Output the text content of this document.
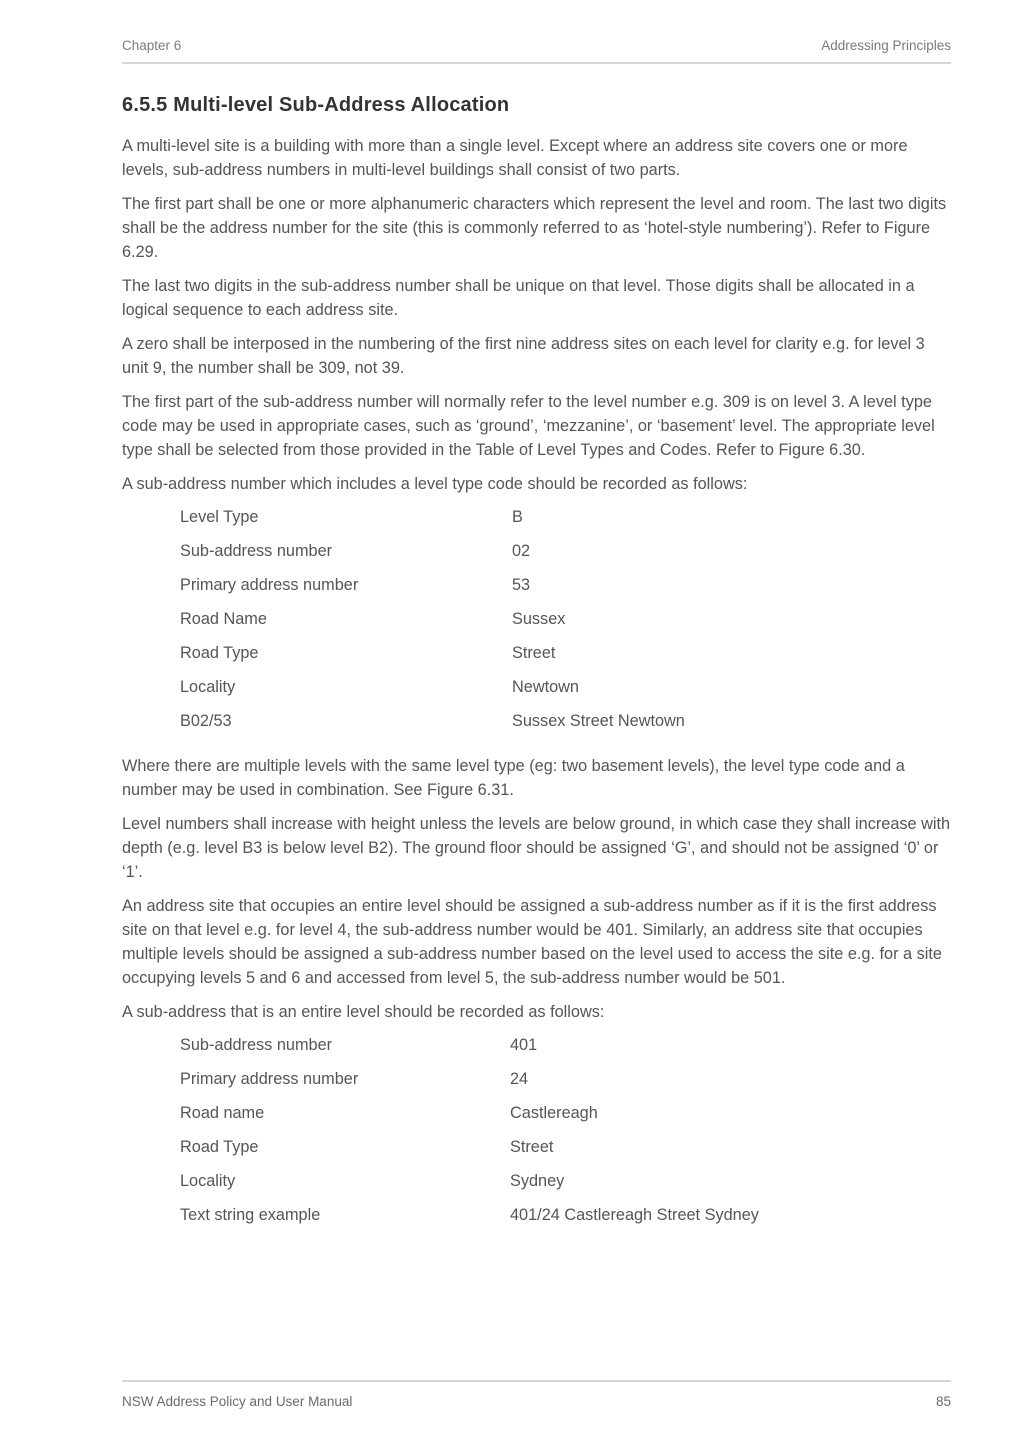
Chapter 6	Addressing Principles
6.5.5 Multi-level Sub-Address Allocation

A multi-level site is a building with more than a single level. Except where an address site covers one or more levels, sub-address numbers in multi-level buildings shall consist of two parts.

The first part shall be one or more alphanumeric characters which represent the level and room. The last two digits shall be the address number for the site (this is commonly referred to as ‘hotel-style numbering’). Refer to Figure 6.29.

The last two digits in the sub-address number shall be unique on that level. Those digits shall be allocated in a logical sequence to each address site.

A zero shall be interposed in the numbering of the first nine address sites on each level for clarity e.g. for level 3 unit 9, the number shall be 309, not 39.

The first part of the sub-address number will normally refer to the level number e.g. 309 is on level 3. A level type code may be used in appropriate cases, such as ‘ground’, ‘mezzanine’, or ‘basement’ level. The appropriate level type shall be selected from those provided in the Table of Level Types and Codes. Refer to Figure 6.30.

A sub-address number which includes a level type code should be recorded as follows:

Level Type	B
Sub-address number	02
Primary address number	53
Road Name	Sussex
Road Type	Street
Locality	Newtown
B02/53	Sussex Street Newtown

Where there are multiple levels with the same level type (eg: two basement levels), the level type code and a number may be used in combination. See Figure 6.31.

Level numbers shall increase with height unless the levels are below ground, in which case they shall increase with depth (e.g. level B3 is below level B2). The ground floor should be assigned ‘G’, and should not be assigned ‘0’ or ‘1’.

An address site that occupies an entire level should be assigned a sub-address number as if it is the first address site on that level e.g. for level 4, the sub-address number would be 401. Similarly, an address site that occupies multiple levels should be assigned a sub-address number based on the level used to access the site e.g. for a site occupying levels 5 and 6 and accessed from level 5, the sub-address number would be 501.

A sub-address that is an entire level should be recorded as follows:

Sub-address number	401
Primary address number	24
Road name	Castlereagh
Road Type	Street
Locality	Sydney
Text string example	401/24 Castlereagh Street Sydney
NSW Address Policy and User Manual	85
